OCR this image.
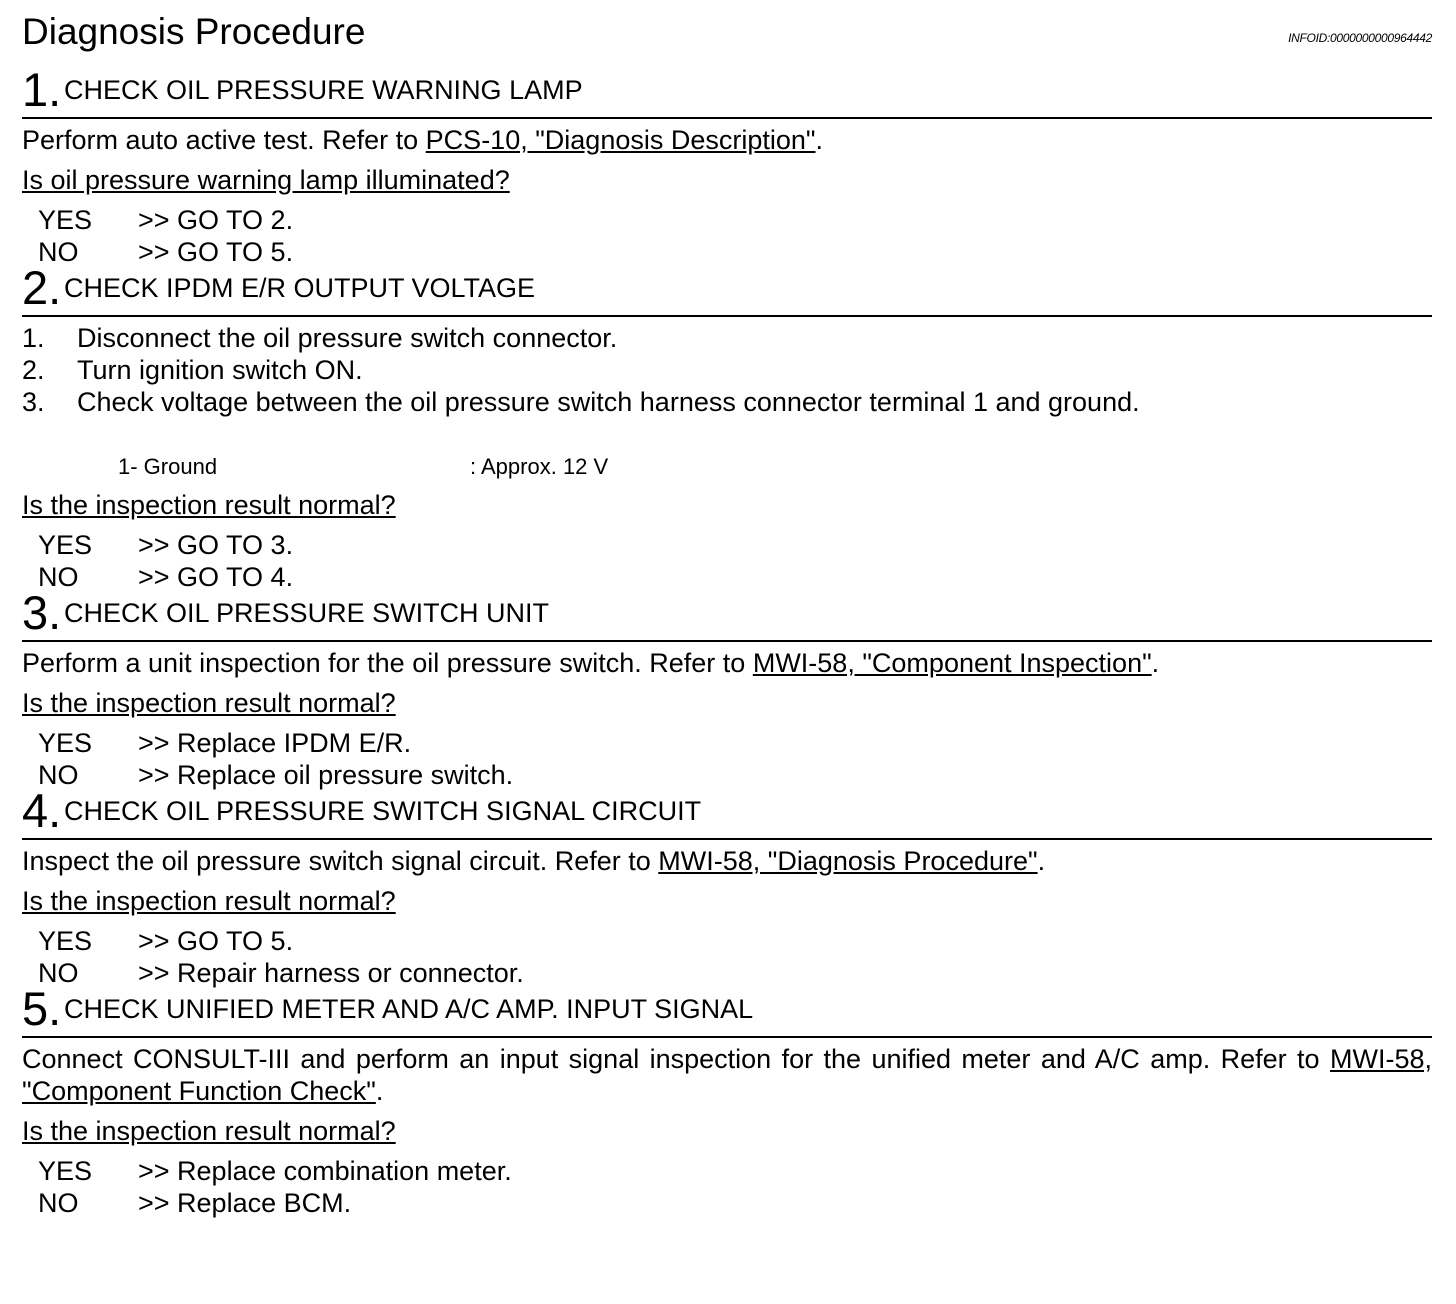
Diagnosis Procedure	INFOID:0000000000964442
1. CHECK OIL PRESSURE WARNING LAMP
Perform auto active test. Refer to PCS-10, "Diagnosis Description".
Is oil pressure warning lamp illuminated?
YES >> GO TO 2.
NO >> GO TO 5.
2. CHECK IPDM E/R OUTPUT VOLTAGE
1. Disconnect the oil pressure switch connector.
2. Turn ignition switch ON.
3. Check voltage between the oil pressure switch harness connector terminal 1 and ground.
1- Ground	: Approx. 12 V
Is the inspection result normal?
YES >> GO TO 3.
NO >> GO TO 4.
3. CHECK OIL PRESSURE SWITCH UNIT
Perform a unit inspection for the oil pressure switch. Refer to MWI-58, "Component Inspection".
Is the inspection result normal?
YES >> Replace IPDM E/R.
NO >> Replace oil pressure switch.
4. CHECK OIL PRESSURE SWITCH SIGNAL CIRCUIT
Inspect the oil pressure switch signal circuit. Refer to MWI-58, "Diagnosis Procedure".
Is the inspection result normal?
YES >> GO TO 5.
NO >> Repair harness or connector.
5. CHECK UNIFIED METER AND A/C AMP. INPUT SIGNAL
Connect CONSULT-III and perform an input signal inspection for the unified meter and A/C amp. Refer to MWI-58, "Component Function Check".
Is the inspection result normal?
YES >> Replace combination meter.
NO >> Replace BCM.
